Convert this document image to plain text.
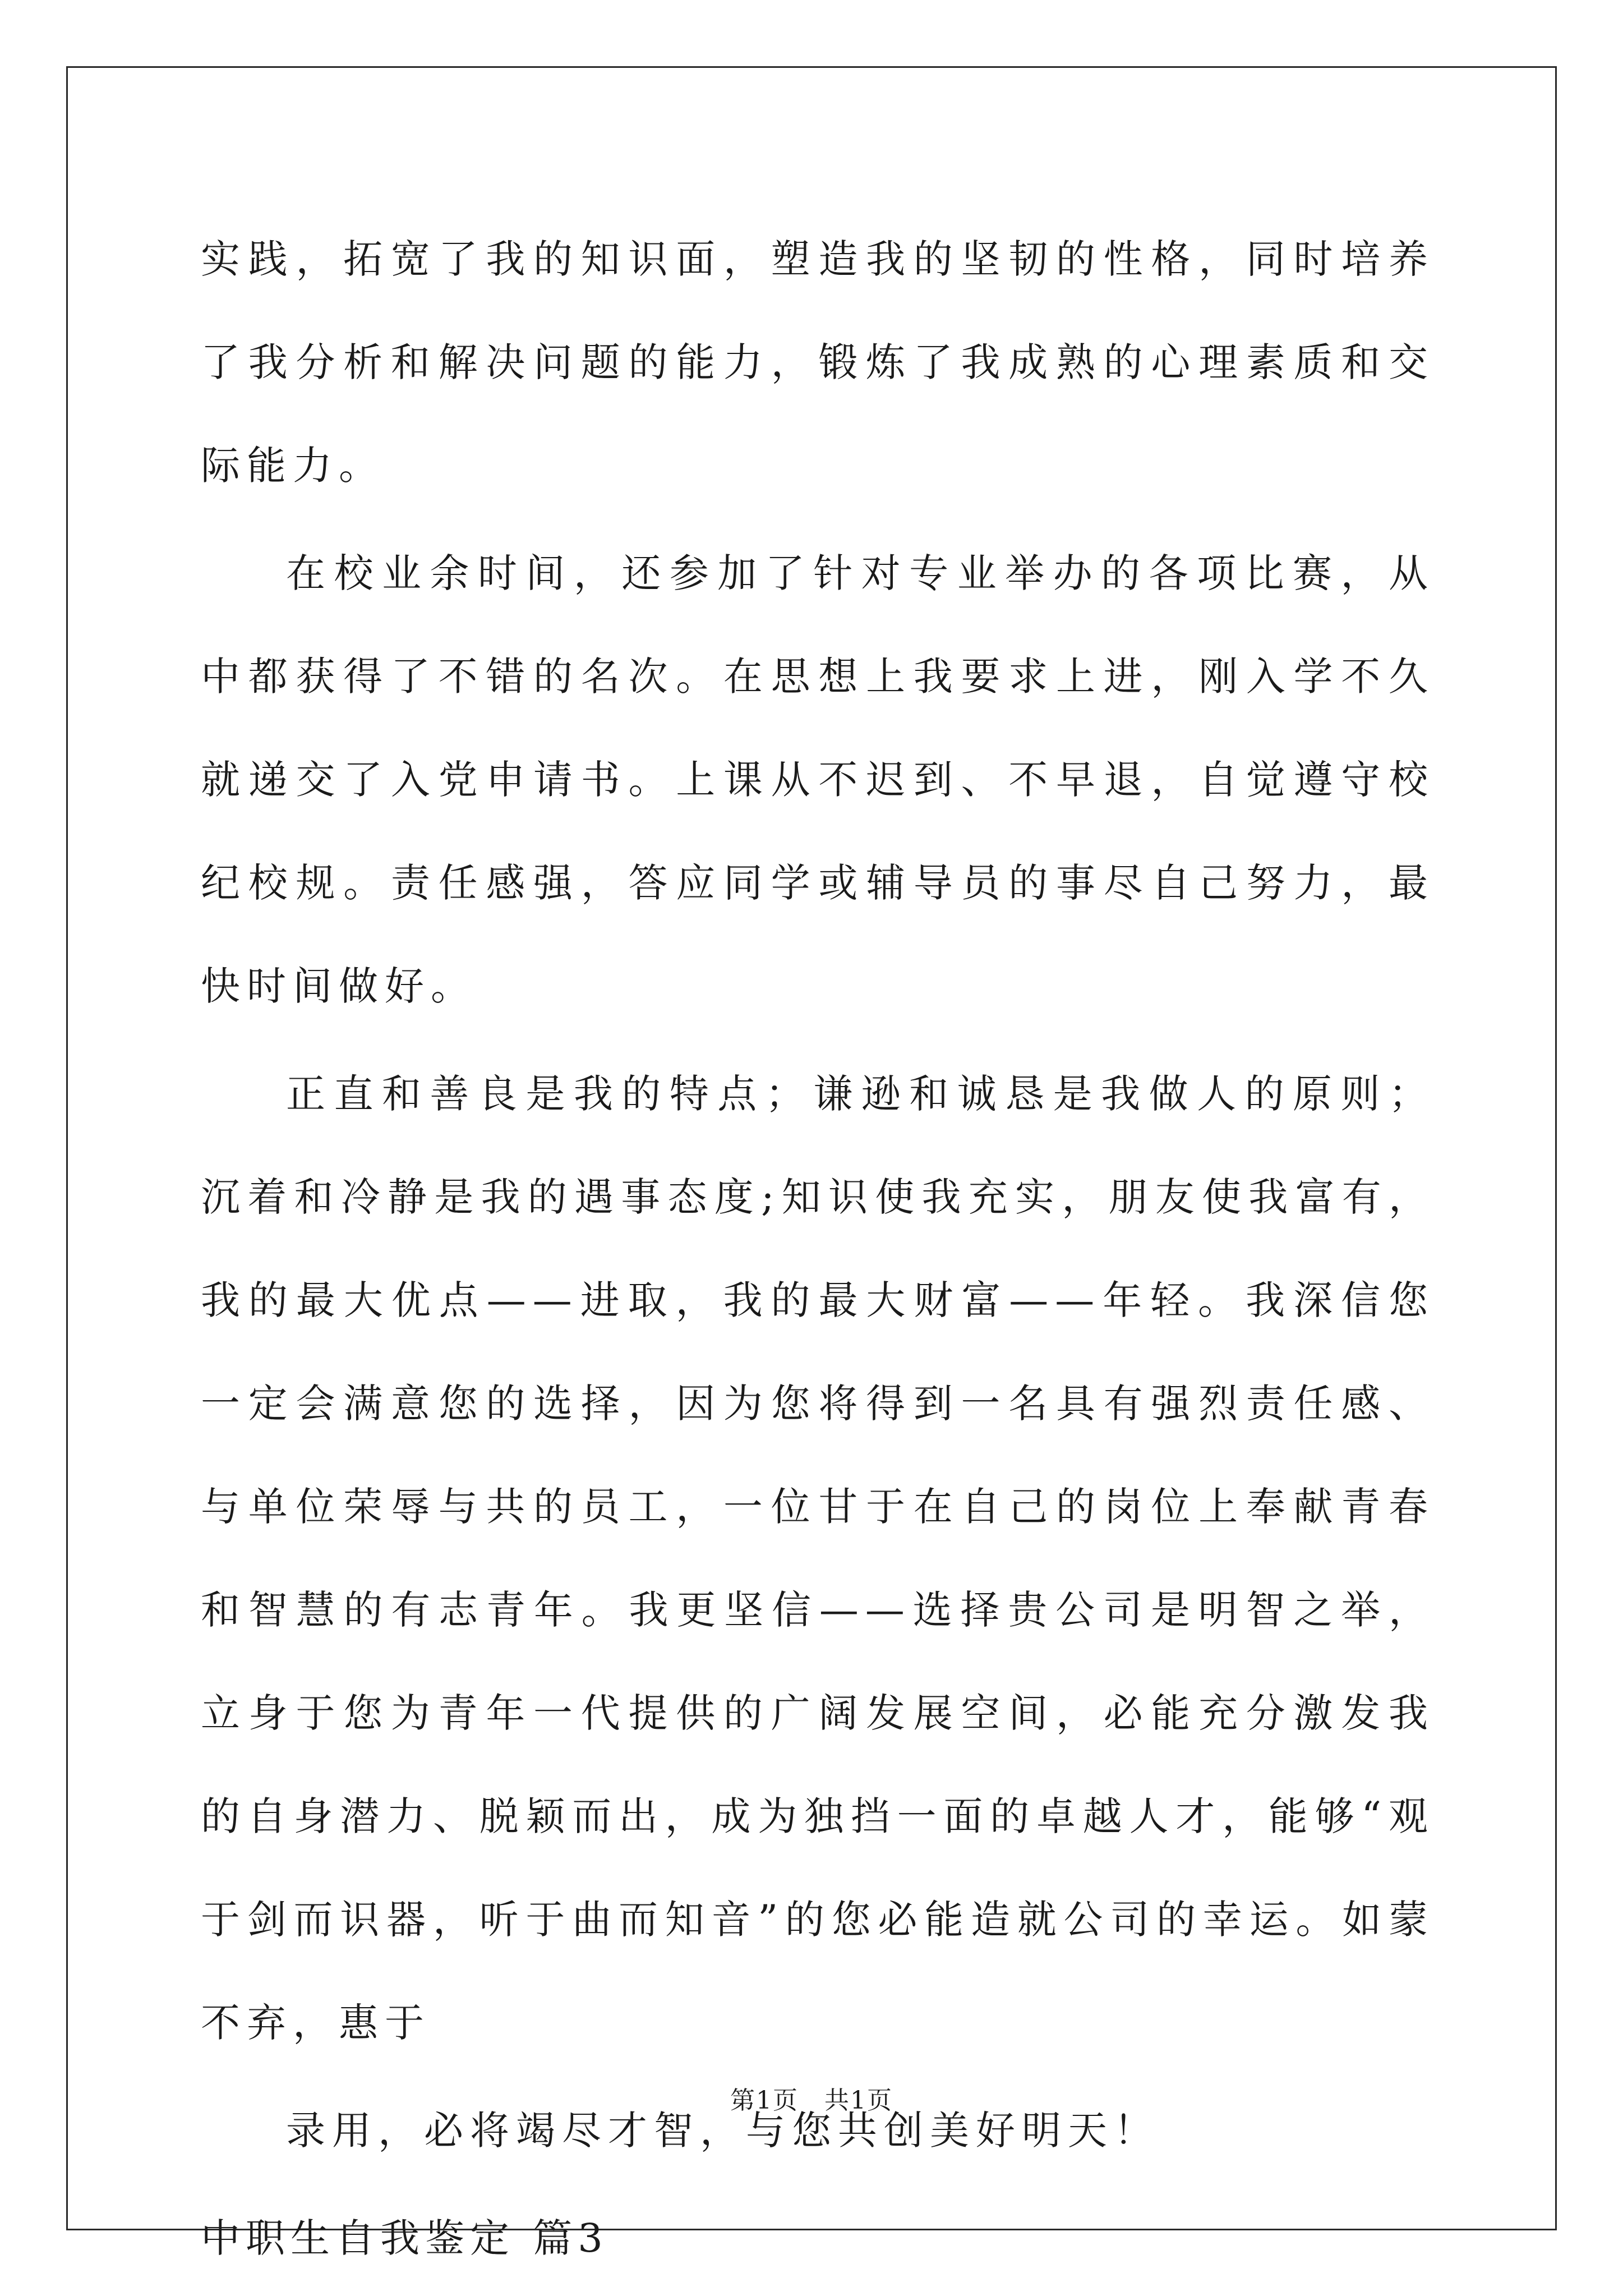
实践，拓宽了我的知识面，塑造我的坚韧的性格，同时培养了我分析和解决问题的能力，锻炼了我成熟的心理素质和交际能力。

在校业余时间，还参加了针对专业举办的各项比赛，从中都获得了不错的名次。在思想上我要求上进，刚入学不久就递交了入党申请书。上课从不迟到、不早退，自觉遵守校纪校规。责任感强，答应同学或辅导员的事尽自己努力，最快时间做好。

正直和善良是我的特点；谦逊和诚恳是我做人的原则；沉着和冷静是我的遇事态度;知识使我充实，朋友使我富有，我的最大优点——进取，我的最大财富——年轻。我深信您一定会满意您的选择，因为您将得到一名具有强烈责任感、与单位荣辱与共的员工，一位甘于在自己的岗位上奉献青春和智慧的有志青年。我更坚信——选择贵公司是明智之举，立身于您为青年一代提供的广阔发展空间，必能充分激发我的自身潜力、脱颖而出，成为独挡一面的卓越人才，能够“观于剑而识器，听于曲而知音”的您必能造就公司的幸运。如蒙不弃，惠于

录用，必将竭尽才智，与您共创美好明天！

中职生自我鉴定 篇3

第1页 共1页
